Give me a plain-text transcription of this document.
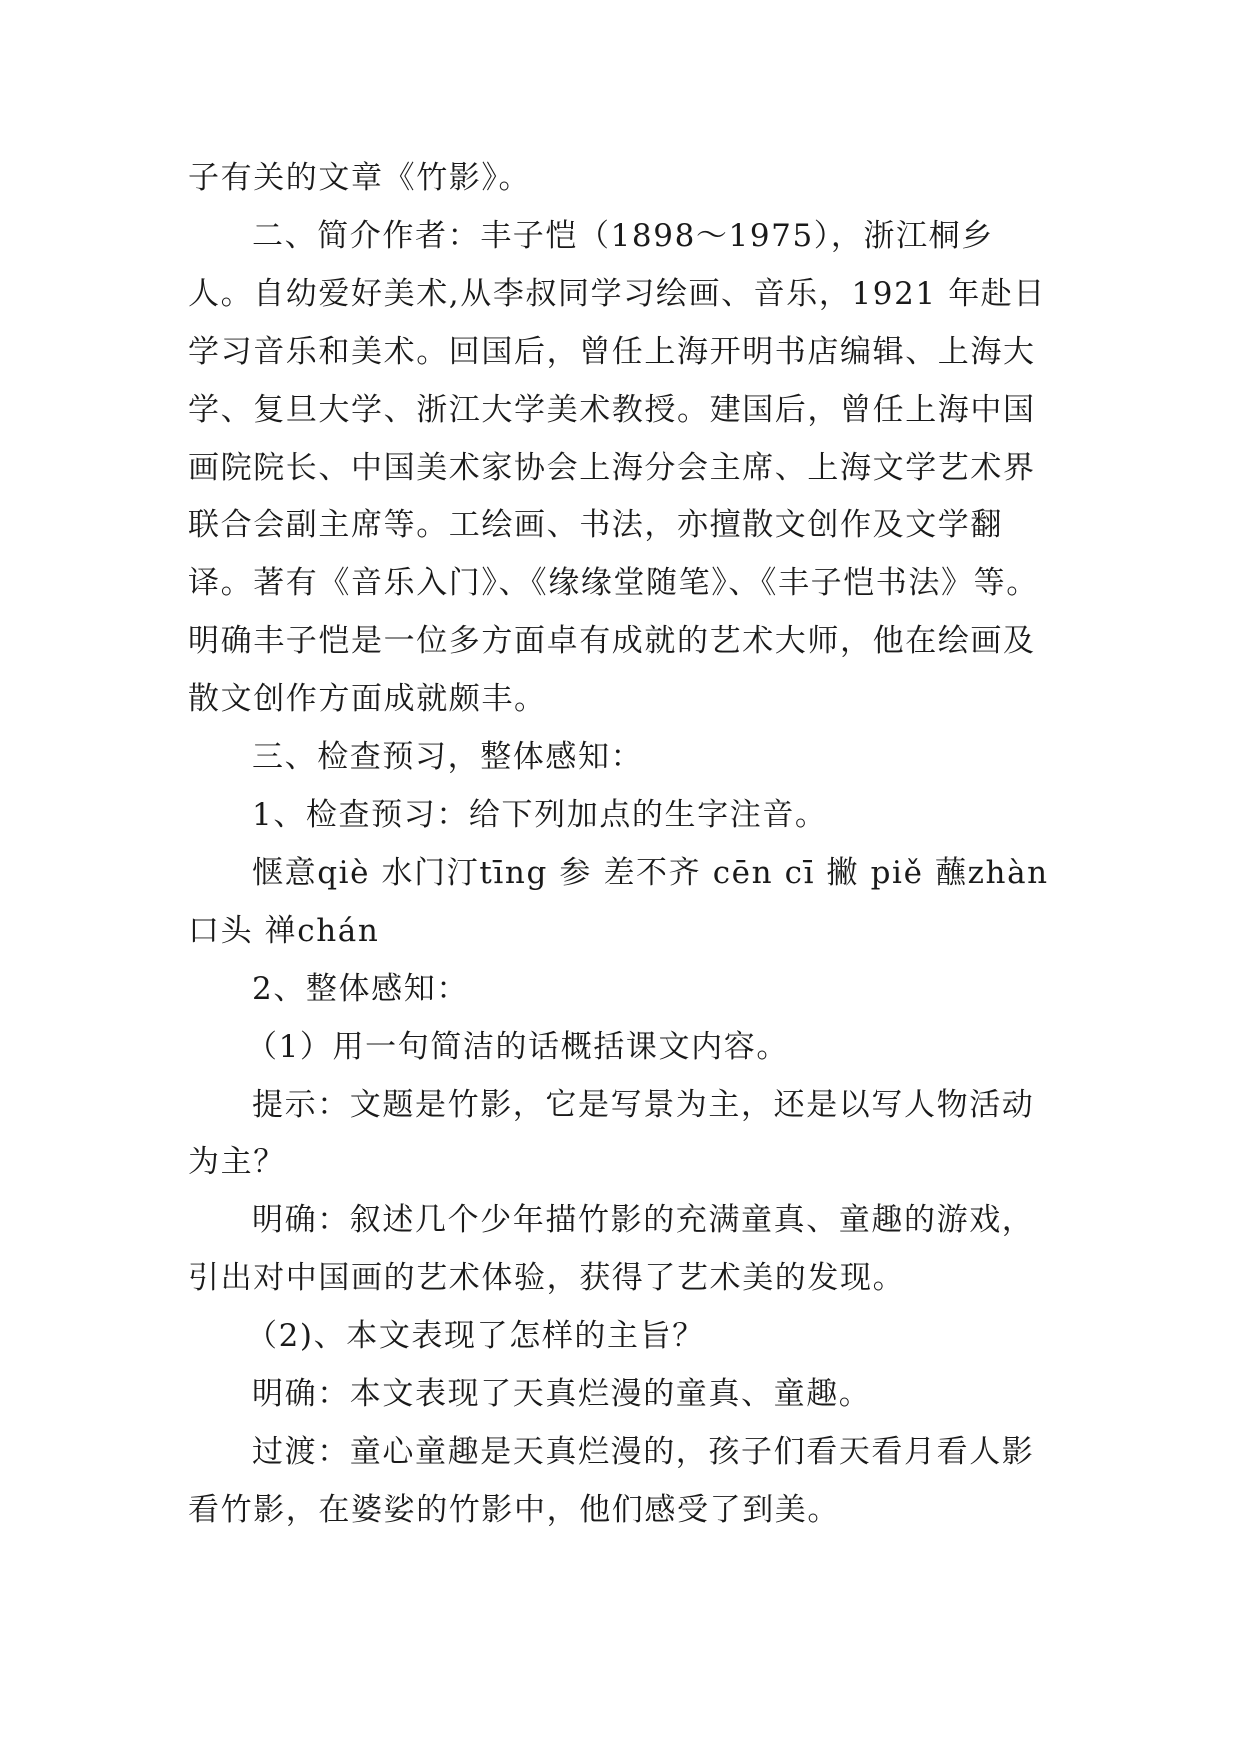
子有关的文章《竹影》。

二、简介作者：丰子恺（1898～1975），浙江桐乡人。自幼爱好美术,从李叔同学习绘画、音乐，1921 年赴日学习音乐和美术。回国后，曾任上海开明书店编辑、上海大学、复旦大学、浙江大学美术教授。建国后，曾任上海中国画院院长、中国美术家协会上海分会主席、上海文学艺术界联合会副主席等。工绘画、书法，亦擅散文创作及文学翻译。著有《音乐入门》、《缘缘堂随笔》、《丰子恺书法》等。 明确丰子恺是一位多方面卓有成就的艺术大师，他在绘画及散文创作方面成就颇丰。

三、检查预习，整体感知：

1、检查预习：给下列加点的生字注音。

惬意qiè 水门汀tīng 参 差不齐 cēn cī 撇 piě 蘸zhàn 口头 禅chán

2、整体感知：

（1）用一句简洁的话概括课文内容。

提示：文题是竹影，它是写景为主，还是以写人物活动为主？

明确：叙述几个少年描竹影的充满童真、童趣的游戏，引出对中国画的艺术体验，获得了艺术美的发现。

（2)、本文表现了怎样的主旨？

明确：本文表现了天真烂漫的童真、童趣。

过渡：童心童趣是天真烂漫的，孩子们看天看月看人影看竹影，在婆娑的竹影中，他们感受了到美。
